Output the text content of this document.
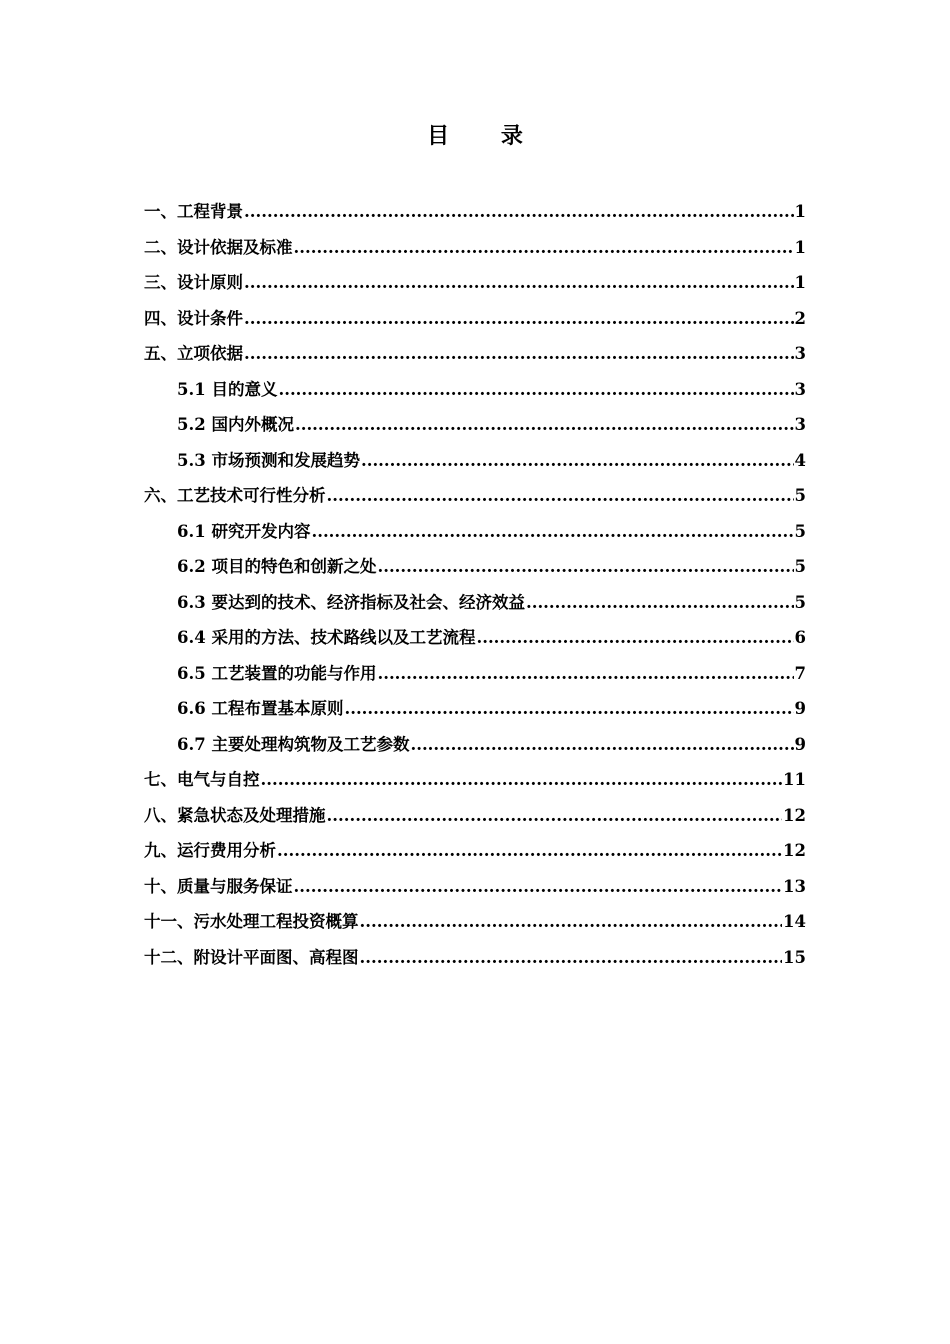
目 录
一、工程背景 .....	1
二、设计依据及标准 .....	1
三、设计原则 .....	1
四、设计条件 .....	2
五、立项依据 .....	3
5.1 目的意义 .....	3
5.2 国内外概况 .....	3
5.3 市场预测和发展趋势 .....	4
六、工艺技术可行性分析 .....	5
6.1 研究开发内容 .....	5
6.2 项目的特色和创新之处 .....	5
6.3 要达到的技术、经济指标及社会、经济效益 .....	5
6.4 采用的方法、技术路线以及工艺流程 .....	6
6.5 工艺装置的功能与作用 .....	7
6.6 工程布置基本原则 .....	9
6.7 主要处理构筑物及工艺参数 .....	9
七、电气与自控 .....	11
八、紧急状态及处理措施 .....	12
九、运行费用分析 .....	12
十、质量与服务保证 .....	13
十一、污水处理工程投资概算 .....	14
十二、附设计平面图、高程图 .....	15
